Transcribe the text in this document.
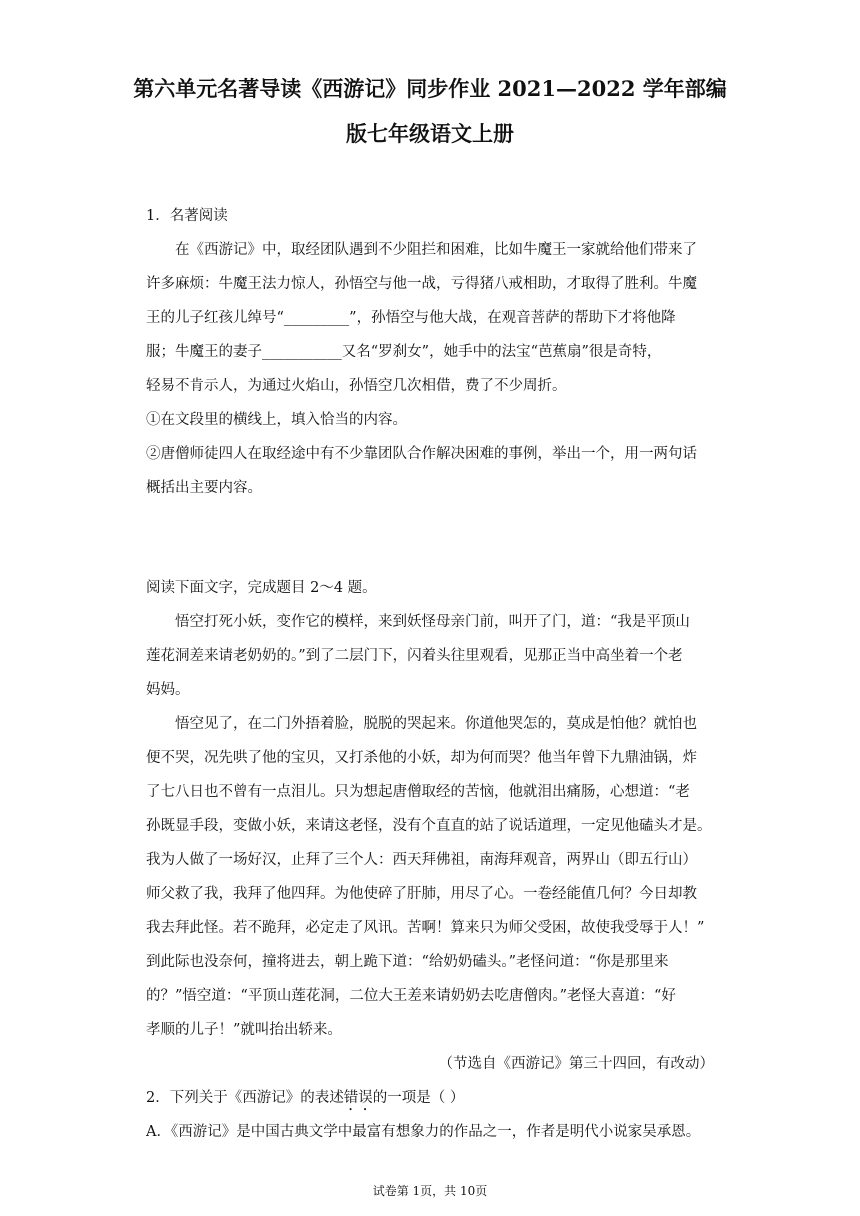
第六单元名著导读《西游记》同步作业 2021—2022 学年部编
版七年级语文上册
1．名著阅读
在《西游记》中，取经团队遇到不少阻拦和困难，比如牛魔王一家就给他们带来了
许多麻烦：牛魔王法力惊人，孙悟空与他一战，亏得猪八戒相助，才取得了胜利。牛魔
王的儿子红孩儿绰号“_________”，孙悟空与他大战，在观音菩萨的帮助下才将他降
服；牛魔王的妻子___________又名“罗刹女”，她手中的法宝“芭蕉扇”很是奇特，
轻易不肯示人，为通过火焰山，孙悟空几次相借，费了不少周折。
①在文段里的横线上，填入恰当的内容。
②唐僧师徒四人在取经途中有不少靠团队合作解决困难的事例，举出一个，用一两句话
概括出主要内容。
阅读下面文字，完成题目 2～4 题。
悟空打死小妖，变作它的模样，来到妖怪母亲门前，叫开了门，道：“我是平顶山
莲花洞差来请老奶奶的。”到了二层门下，闪着头往里观看，见那正当中高坐着一个老
妈妈。
悟空见了，在二门外捂着脸，脱脱的哭起来。你道他哭怎的，莫成是怕他？就怕也
便不哭，况先哄了他的宝贝，又打杀他的小妖，却为何而哭？他当年曾下九鼎油锅，炸
了七八日也不曾有一点泪儿。只为想起唐僧取经的苦恼，他就泪出痛肠，心想道：“老
孙既显手段，变做小妖，来请这老怪，没有个直直的站了说话道理，一定见他磕头才是。
我为人做了一场好汉，止拜了三个人：西天拜佛祖，南海拜观音，两界山（即五行山）
师父救了我，我拜了他四拜。为他使碎了肝肺，用尽了心。一卷经能值几何？今日却教
我去拜此怪。若不跪拜，必定走了风讯。苦啊！算来只为师父受困，故使我受辱于人！”
到此际也没奈何，撞将进去，朝上跪下道：“给奶奶磕头。”老怪问道：“你是那里来
的？”悟空道：“平顶山莲花洞，二位大王差来请奶奶去吃唐僧肉。”老怪大喜道：“好
孝顺的儿子！”就叫抬出轿来。
（节选自《西游记》第三十四回，有改动）
2．下列关于《西游记》的表述错误的一项是（ ）
A．《西游记》是中国古典文学中最富有想象力的作品之一，作者是明代小说家吴承恩。
试卷第 1页，共 10页
